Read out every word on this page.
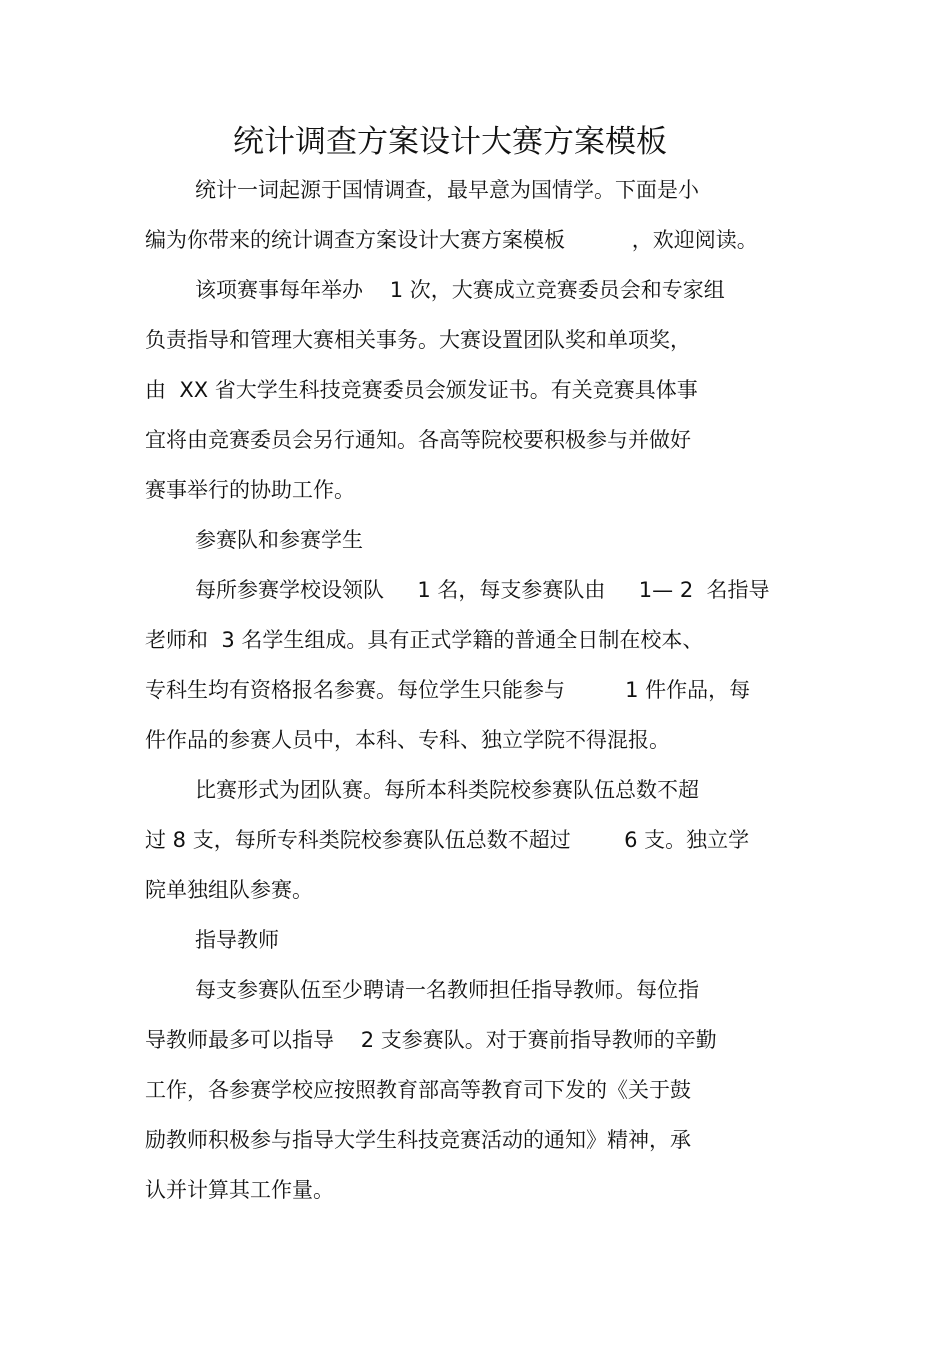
统计调查方案设计大赛方案模板
统计一词起源于国情调查，最早意为国情学。下面是小
编为你带来的统计调查方案设计大赛方案模板          ，欢迎阅读。
该项赛事每年举办    1 次，大赛成立竞赛委员会和专家组
负责指导和管理大赛相关事务。大赛设置团队奖和单项奖，
由  XX 省大学生科技竞赛委员会颁发证书。有关竞赛具体事
宜将由竞赛委员会另行通知。各高等院校要积极参与并做好
赛事举行的协助工作。
参赛队和参赛学生
每所参赛学校设领队     1 名，每支参赛队由     1— 2  名指导
老师和  3 名学生组成。具有正式学籍的普通全日制在校本、
专科生均有资格报名参赛。每位学生只能参与         1 件作品，每
件作品的参赛人员中，本科、专科、独立学院不得混报。
比赛形式为团队赛。每所本科类院校参赛队伍总数不超
过 8 支，每所专科类院校参赛队伍总数不超过        6 支。独立学
院单独组队参赛。
指导教师
每支参赛队伍至少聘请一名教师担任指导教师。每位指
导教师最多可以指导    2 支参赛队。对于赛前指导教师的辛勤
工作，各参赛学校应按照教育部高等教育司下发的《关于鼓
励教师积极参与指导大学生科技竞赛活动的通知》精神，承
认并计算其工作量。
